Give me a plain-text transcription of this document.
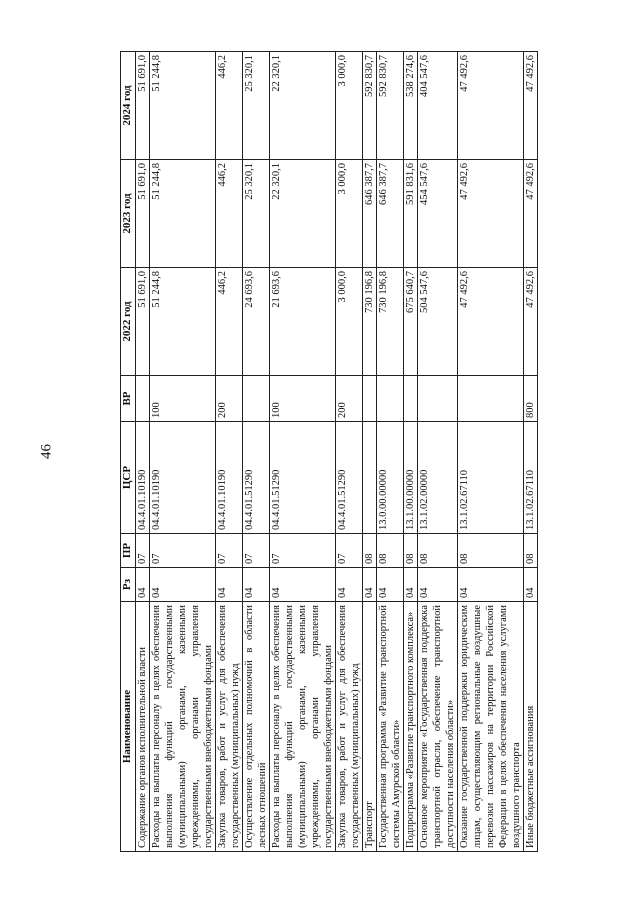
46
Наименование	Рз	ПР	ЦСР	ВР	2022 год	2023 год	2024 год
Содержание органов исполнительной власти	04	07	04.4.01.10190		51 691,0	51 691,0	51 691,0
Расходы на выплаты персоналу в целях обеспечения выполнения функций государственными (муниципальными) органами, казенными учреждениями, органами управления государственными внебюджетными фондами	04	07	04.4.01.10190	100	51 244,8	51 244,8	51 244,8
Закупка товаров, работ и услуг для обеспечения государственных (муниципальных) нужд	04	07	04.4.01.10190	200	446,2	446,2	446,2
Осуществление отдельных полномочий в области лесных отношений	04	07	04.4.01.51290		24 693,6	25 320,1	25 320,1
Расходы на выплаты персоналу в целях обеспечения выполнения функций государственными (муниципальными) органами, казенными учреждениями, органами управления государственными внебюджетными фондами	04	07	04.4.01.51290	100	21 693,6	22 320,1	22 320,1
Закупка товаров, работ и услуг для обеспечения государственных (муниципальных) нужд	04	07	04.4.01.51290	200	3 000,0	3 000,0	3 000,0
Транспорт	04	08			730 196,8	646 387,7	592 830,7
Государственная программа «Развитие транспортной системы Амурской области»	04	08	13.0.00.00000		730 196,8	646 387,7	592 830,7
Подпрограмма «Развитие транспортного комплекса»	04	08	13.1.00.00000		675 640,7	591 831,6	538 274,6
Основное мероприятие «Государственная поддержка транспортной отрасли, обеспечение транспортной доступности населения области»	04	08	13.1.02.00000		504 547,6	454 547,6	404 547,6
Оказание государственной поддержки юридическим лицам, осуществляющим региональные воздушные перевозки пассажиров на территории Российской Федерации в целях обеспечения населения услугами воздушного транспорта	04	08	13.1.02.67110		47 492,6	47 492,6	47 492,6
Иные бюджетные ассигнования	04	08	13.1.02.67110	800	47 492,6	47 492,6	47 492,6
